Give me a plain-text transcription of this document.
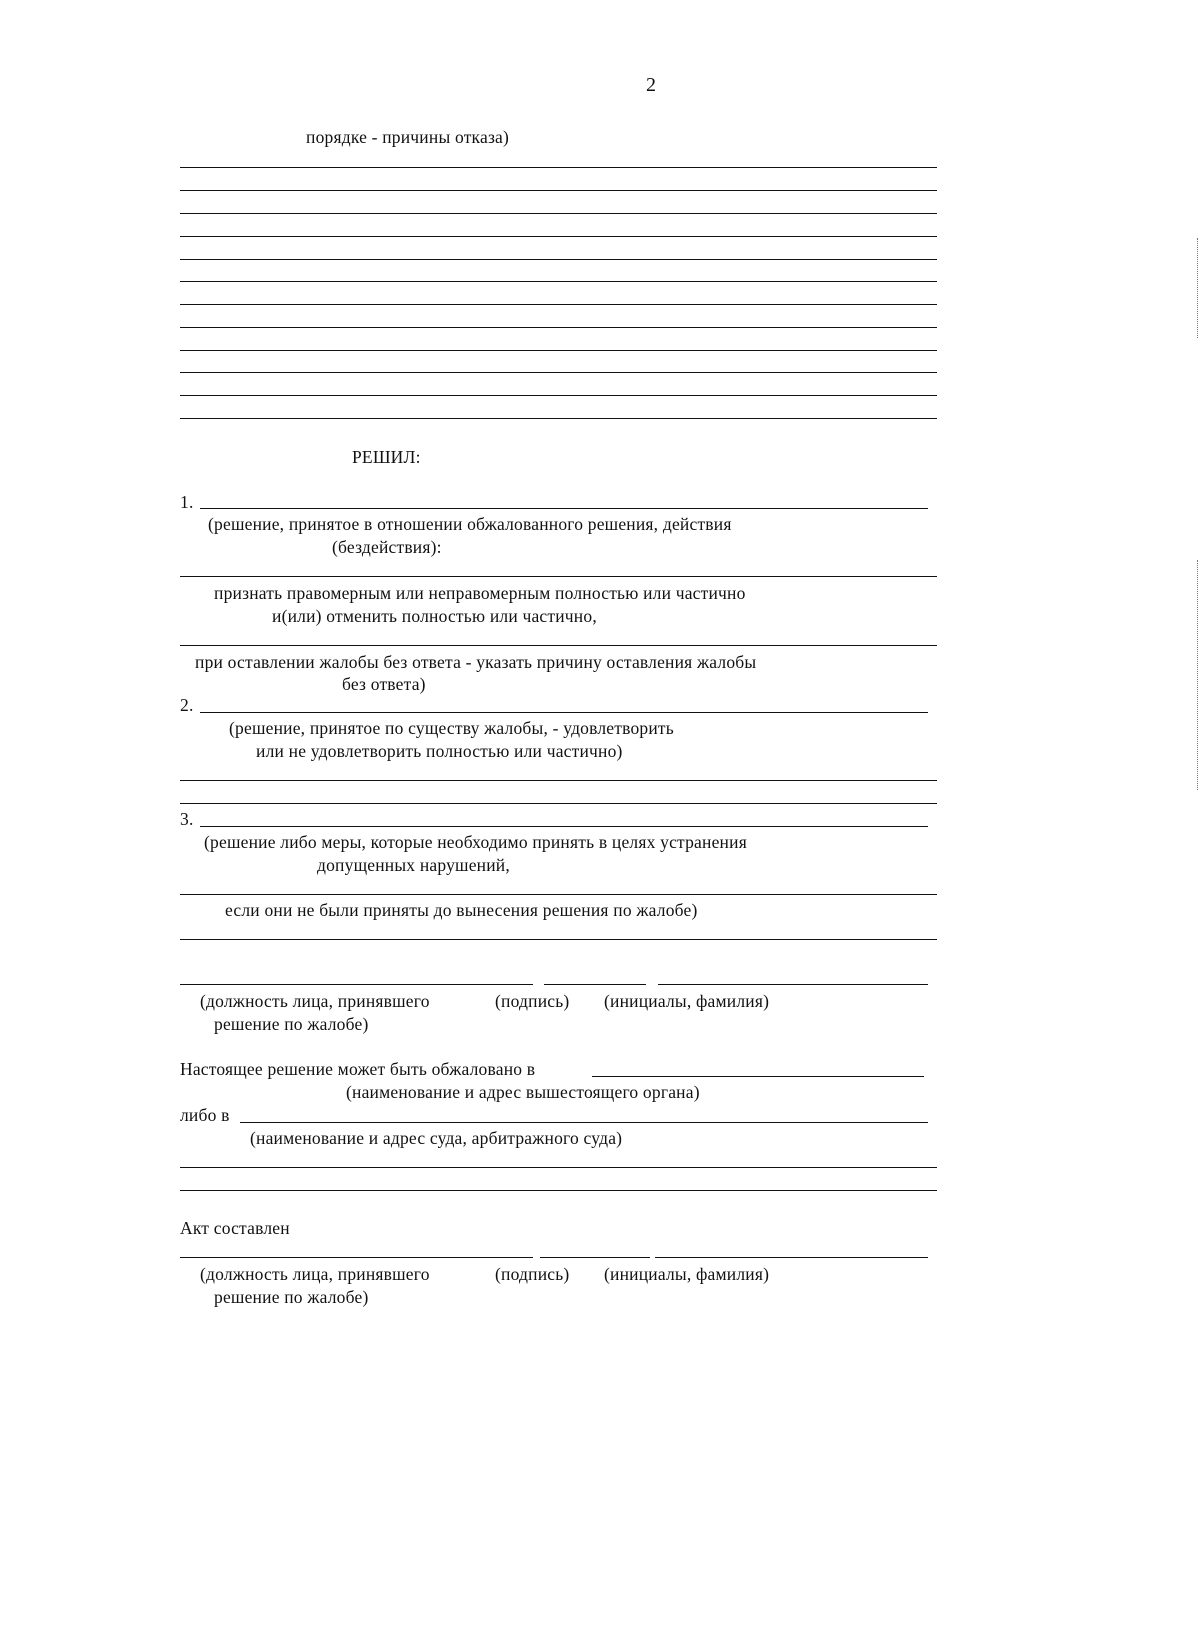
2
порядке - причины отказа)
РЕШИЛ:
1.
(решение, принятое в отношении обжалованного решения, действия
(бездействия):
признать правомерным или неправомерным полностью или частично
и(или) отменить полностью или частично,
при оставлении жалобы без ответа - указать причину оставления жалобы
без ответа)
2.
(решение, принятое по существу жалобы, - удовлетворить
или не удовлетворить полностью или частично)
3.
(решение либо меры, которые необходимо принять в целях устранения
допущенных нарушений,
если они не были приняты до вынесения решения по жалобе)
(должность лица, принявшего
решение по жалобе)
(подпись) (инициалы, фамилия)
Настоящее решение может быть обжаловано в
(наименование и адрес вышестоящего органа)
либо в
(наименование и адрес суда, арбитражного суда)
Акт составлен
(должность лица, принявшего
решение по жалобе)
(подпись) (инициалы, фамилия)
